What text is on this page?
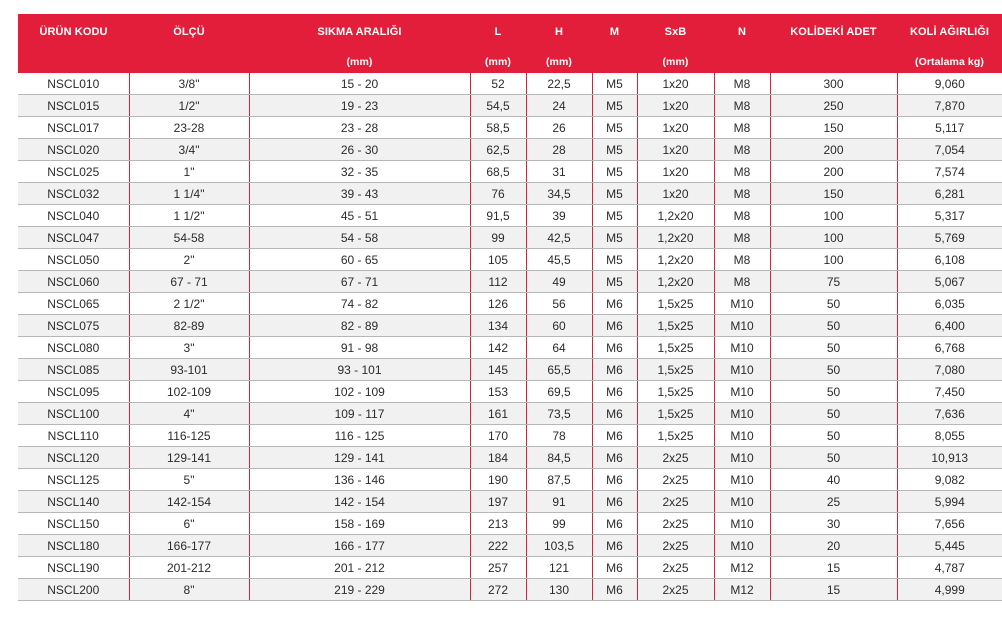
ÜRÜN KODU	ÖLÇÜ	SIKMA ARALIĞI	L	H	M	SxB	N	KOLİDEKİ ADET	KOLİ AĞIRLIĞI
		(mm)	(mm)	(mm)		(mm)			(Ortalama kg)
NSCL010	3/8"	15 - 20	52	22,5	M5	1x20	M8	300	9,060
NSCL015	1/2"	19 - 23	54,5	24	M5	1x20	M8	250	7,870
NSCL017	23-28	23 - 28	58,5	26	M5	1x20	M8	150	5,117
NSCL020	3/4"	26 - 30	62,5	28	M5	1x20	M8	200	7,054
NSCL025	1"	32 - 35	68,5	31	M5	1x20	M8	200	7,574
NSCL032	1 1/4"	39 - 43	76	34,5	M5	1x20	M8	150	6,281
NSCL040	1 1/2"	45 - 51	91,5	39	M5	1,2x20	M8	100	5,317
NSCL047	54-58	54 - 58	99	42,5	M5	1,2x20	M8	100	5,769
NSCL050	2"	60 - 65	105	45,5	M5	1,2x20	M8	100	6,108
NSCL060	67 - 71	67 - 71	112	49	M5	1,2x20	M8	75	5,067
NSCL065	2 1/2"	74 - 82	126	56	M6	1,5x25	M10	50	6,035
NSCL075	82-89	82 - 89	134	60	M6	1,5x25	M10	50	6,400
NSCL080	3"	91 - 98	142	64	M6	1,5x25	M10	50	6,768
NSCL085	93-101	93 - 101	145	65,5	M6	1,5x25	M10	50	7,080
NSCL095	102-109	102 - 109	153	69,5	M6	1,5x25	M10	50	7,450
NSCL100	4"	109 - 117	161	73,5	M6	1,5x25	M10	50	7,636
NSCL110	116-125	116 - 125	170	78	M6	1,5x25	M10	50	8,055
NSCL120	129-141	129 - 141	184	84,5	M6	2x25	M10	50	10,913
NSCL125	5"	136 - 146	190	87,5	M6	2x25	M10	40	9,082
NSCL140	142-154	142 - 154	197	91	M6	2x25	M10	25	5,994
NSCL150	6"	158 - 169	213	99	M6	2x25	M10	30	7,656
NSCL180	166-177	166 - 177	222	103,5	M6	2x25	M10	20	5,445
NSCL190	201-212	201 - 212	257	121	M6	2x25	M12	15	4,787
NSCL200	8"	219 - 229	272	130	M6	2x25	M12	15	4,999
